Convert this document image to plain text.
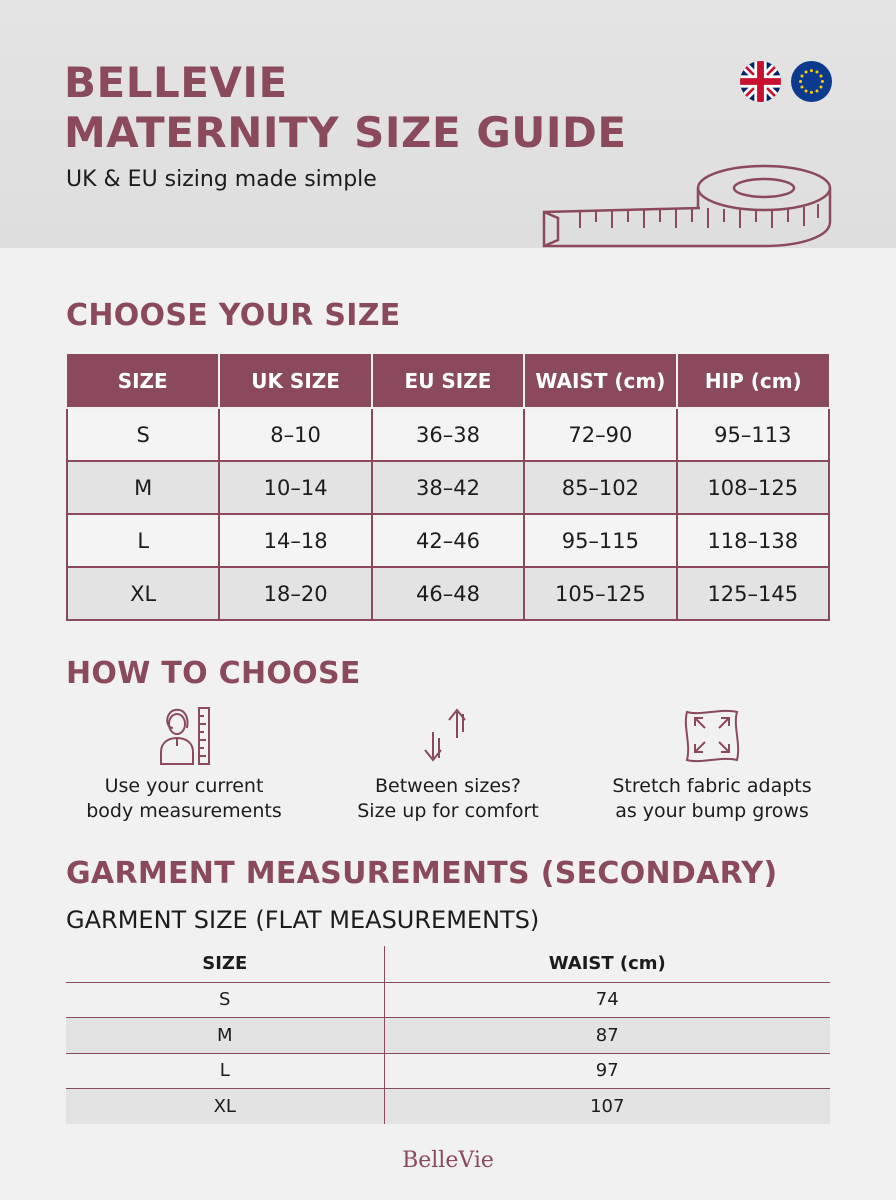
BELLEVIE
MATERNITY SIZE GUIDE
UK & EU sizing made simple
CHOOSE YOUR SIZE
SIZE	UK SIZE	EU SIZE	WAIST (cm)	HIP (cm)
S	8–10	36–38	72–90	95–113
M	10–14	38–42	85–102	108–125
L	14–18	42–46	95–115	118–138
XL	18–20	46–48	105–125	125–145
HOW TO CHOOSE
Use your current
body measurements
Between sizes?
Size up for comfort
Stretch fabric adapts
as your bump grows
GARMENT MEASUREMENTS (SECONDARY)
GARMENT SIZE (FLAT MEASUREMENTS)
SIZE	WAIST (cm)
S	74
M	87
L	97
XL	107
BelleVie
